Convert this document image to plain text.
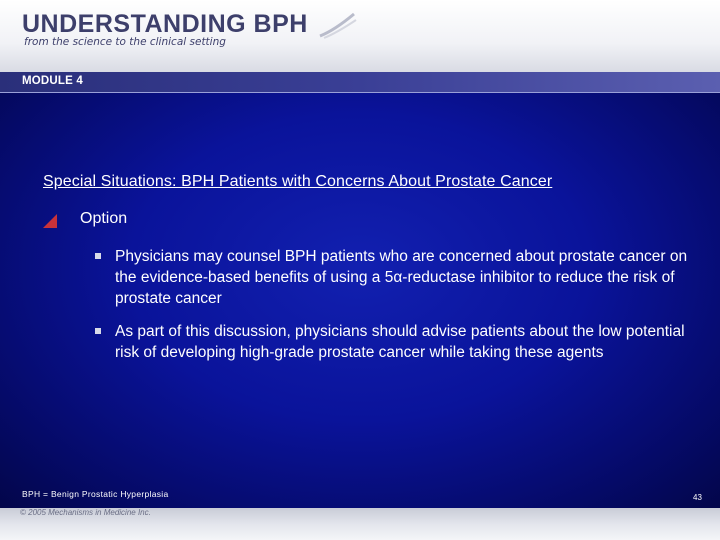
UNDERSTANDING BPH
from the science to the clinical setting
MODULE 4
Special Situations: BPH Patients with Concerns About Prostate Cancer
Option
Physicians may counsel BPH patients who are concerned about prostate cancer on the evidence-based benefits of using a 5α-reductase inhibitor to reduce the risk of prostate cancer
As part of this discussion, physicians should advise patients about the low potential risk of developing high-grade prostate cancer while taking these agents
BPH = Benign Prostatic Hyperplasia	43
© 2005 Mechanisms in Medicine Inc.
